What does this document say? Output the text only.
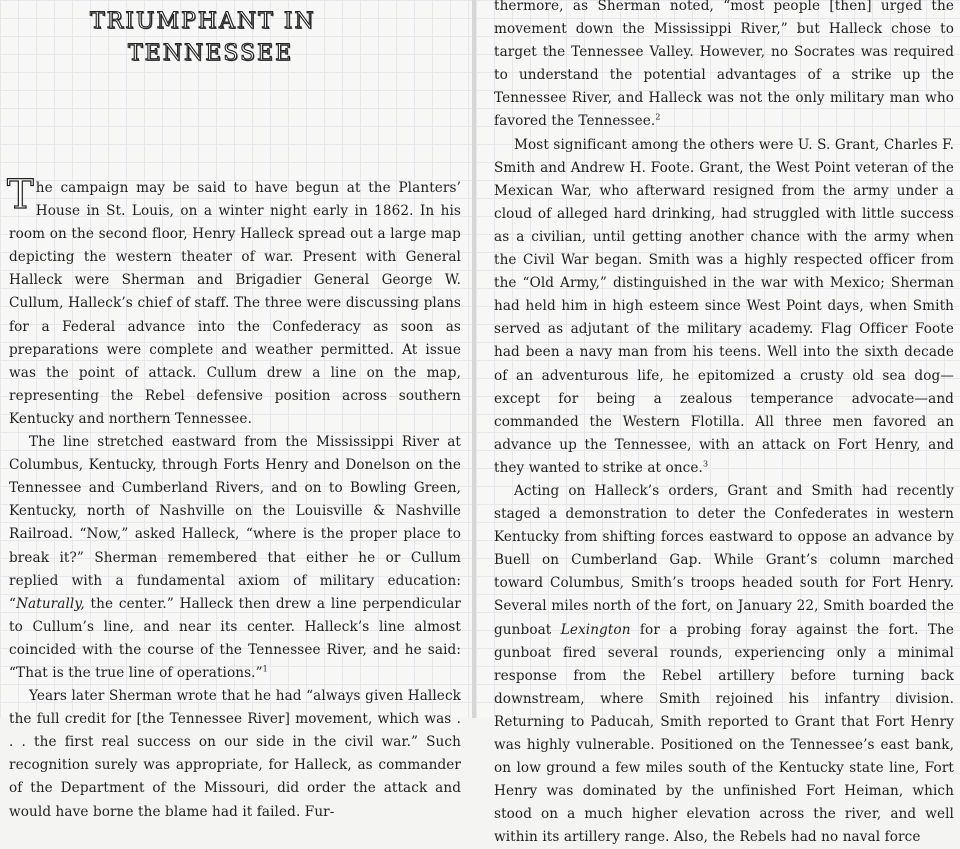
TRIUMPHANT IN
TENNESSEE

The campaign may be said to have begun at the Planters’ House in St. Louis, on a winter night early in 1862. In his room on the second floor, Henry Halleck spread out a large map depicting the western theater of war. Present with General Halleck were Sherman and Brigadier General George W. Cullum, Halleck’s chief of staff. The three were discussing plans for a Federal advance into the Confederacy as soon as preparations were complete and weather permitted. At issue was the point of attack. Cullum drew a line on the map, representing the Rebel defensive position across southern Kentucky and northern Tennessee.

The line stretched eastward from the Mississippi River at Columbus, Kentucky, through Forts Henry and Donelson on the Tennessee and Cumberland Rivers, and on to Bowling Green, Kentucky, north of Nashville on the Louisville & Nashville Railroad. “Now,” asked Halleck, “where is the proper place to break it?” Sherman remembered that either he or Cullum replied with a fundamental axiom of military education: “Naturally, the center.” Halleck then drew a line perpendicular to Cullum’s line, and near its center. Halleck’s line almost coincided with the course of the Tennessee River, and he said: “That is the true line of operations.”$^1$

Years later Sherman wrote that he had “always given Halleck the full credit for [the Tennessee River] movement, which was . . . the first real success on our side in the civil war.” Such recognition surely was appropriate, for Halleck, as commander of the Department of the Missouri, did order the attack and would have borne the blame had it failed. Fur-

thermore, as Sherman noted, “most people [then] urged the movement down the Mississippi River,” but Halleck chose to target the Tennessee Valley. However, no Socrates was required to understand the potential advantages of a strike up the Tennessee River, and Halleck was not the only military man who favored the Tennessee.$^2$

Most significant among the others were U. S. Grant, Charles F. Smith and Andrew H. Foote. Grant, the West Point veteran of the Mexican War, who afterward resigned from the army under a cloud of alleged hard drinking, had struggled with little success as a civilian, until getting another chance with the army when the Civil War began. Smith was a highly respected officer from the “Old Army,” distinguished in the war with Mexico; Sherman had held him in high esteem since West Point days, when Smith served as adjutant of the military academy. Flag Officer Foote had been a navy man from his teens. Well into the sixth decade of an adventurous life, he epitomized a crusty old sea dog—except for being a zealous temperance advocate—and commanded the Western Flotilla. All three men favored an advance up the Tennessee, with an attack on Fort Henry, and they wanted to strike at once.$^3$

Acting on Halleck’s orders, Grant and Smith had recently staged a demonstration to deter the Confederates in western Kentucky from shifting forces eastward to oppose an advance by Buell on Cumberland Gap. While Grant’s column marched toward Columbus, Smith’s troops headed south for Fort Henry. Several miles north of the fort, on January 22, Smith boarded the gunboat Lexington for a probing foray against the fort. The gunboat fired several rounds, experiencing only a minimal response from the Rebel artillery before turning back downstream, where Smith rejoined his infantry division. Returning to Paducah, Smith reported to Grant that Fort Henry was highly vulnerable. Positioned on the Tennessee’s east bank, on low ground a few miles south of the Kentucky state line, Fort Henry was dominated by the unfinished Fort Heiman, which stood on a much higher elevation across the river, and well within its artillery range. Also, the Rebels had no naval force
